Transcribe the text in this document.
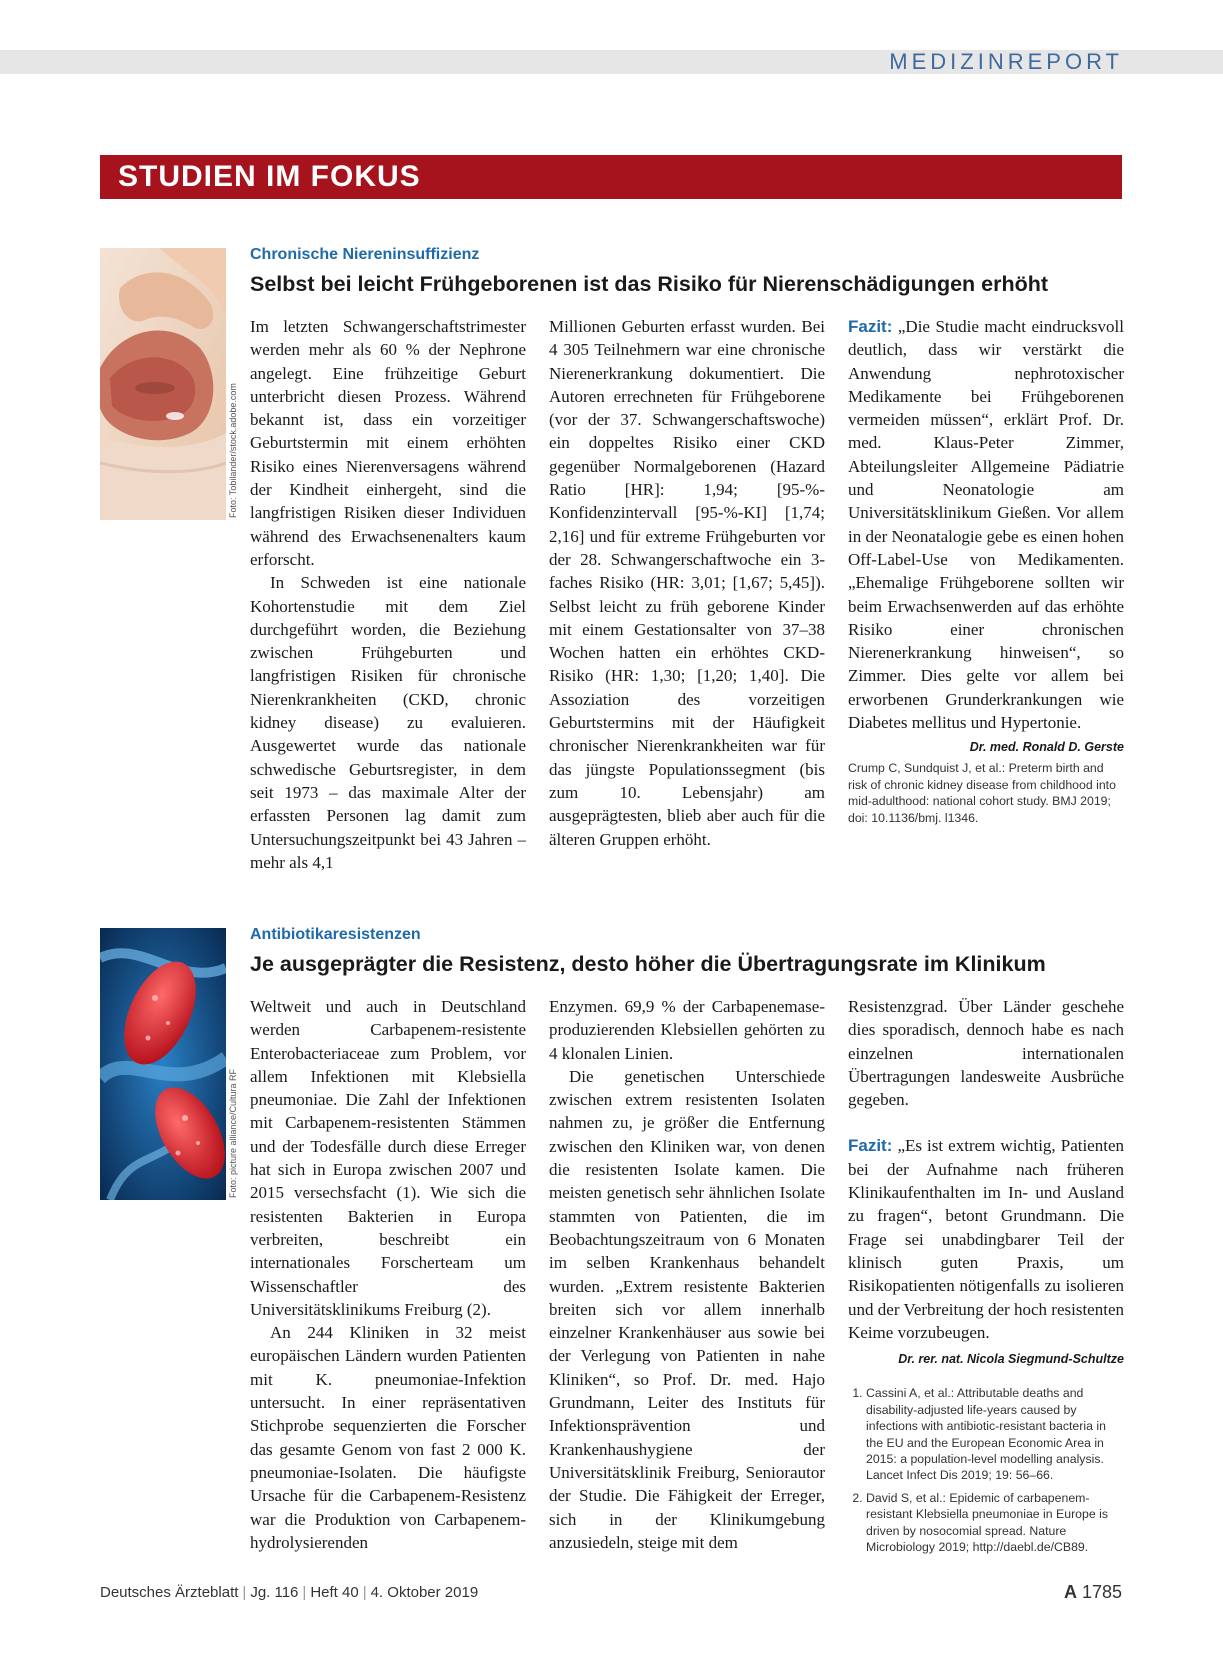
MEDIZINREPORT
STUDIEN IM FOKUS
Foto: Tobilander/stock.adobe.com
Chronische Niereninsuffizienz
Selbst bei leicht Frühgeborenen ist das Risiko für Nierenschädigungen erhöht

Im letzten Schwangerschaftstrimester werden mehr als 60 % der Nephrone angelegt. Eine frühzeitige Geburt unterbricht diesen Prozess. Während bekannt ist, dass ein vorzeitiger Geburtstermin mit einem erhöhten Risiko eines Nierenversagens während der Kindheit einhergeht, sind die langfristigen Risiken dieser Individuen während des Erwachsenenalters kaum erforscht.

In Schweden ist eine nationale Kohortenstudie mit dem Ziel durchgeführt worden, die Beziehung zwischen Frühgeburten und langfristigen Risiken für chronische Nierenkrankheiten (CKD, chronic kidney disease) zu evaluieren. Ausgewertet wurde das nationale schwedische Geburtsregister, in dem seit 1973 – das maximale Alter der erfassten Personen lag damit zum Untersuchungszeitpunkt bei 43 Jahren – mehr als 4,1

Millionen Geburten erfasst wurden. Bei 4 305 Teilnehmern war eine chronische Nierenerkrankung dokumentiert. Die Autoren errechneten für Frühgeborene (vor der 37. Schwangerschaftswoche) ein doppeltes Risiko einer CKD gegenüber Normalgeborenen (Hazard Ratio [HR]: 1,94; [95-%-Konfidenzintervall [95-%-KI] [1,74; 2,16] und für extreme Frühgeburten vor der 28. Schwangerschaftwoche ein 3-faches Risiko (HR: 3,01; [1,67; 5,45]). Selbst leicht zu früh geborene Kinder mit einem Gestationsalter von 37–38 Wochen hatten ein erhöhtes CKD-Risiko (HR: 1,30; [1,20; 1,40]. Die Assoziation des vorzeitigen Geburtstermins mit der Häufigkeit chronischer Nierenkrankheiten war für das jüngste Populationssegment (bis zum 10. Lebensjahr) am ausgeprägtesten, blieb aber auch für die älteren Gruppen erhöht.

Fazit: „Die Studie macht eindrucksvoll deutlich, dass wir verstärkt die Anwendung nephrotoxischer Medikamente bei Frühgeborenen vermeiden müssen“, erklärt Prof. Dr. med. Klaus-Peter Zimmer, Abteilungsleiter Allgemeine Pädiatrie und Neonatologie am Universitätsklinikum Gießen. Vor allem in der Neonatalogie gebe es einen hohen Off-Label-Use von Medikamenten. „Ehemalige Frühgeborene sollten wir beim Erwachsenwerden auf das erhöhte Risiko einer chronischen Nierenerkrankung hinweisen“, so Zimmer. Dies gelte vor allem bei erworbenen Grunderkrankungen wie Diabetes mellitus und Hypertonie.
Dr. med. Ronald D. Gerste

Crump C, Sundquist J, et al.: Preterm birth and risk of chronic kidney disease from childhood into mid-adulthood: national cohort study. BMJ 2019; doi: 10.1136/bmj. l1346.
Foto: picture alliance/Cultura RF
Antibiotikaresistenzen
Je ausgeprägter die Resistenz, desto höher die Übertragungsrate im Klinikum

Weltweit und auch in Deutschland werden Carbapenem-resistente Enterobacteriaceae zum Problem, vor allem Infektionen mit Klebsiella pneumoniae. Die Zahl der Infektionen mit Carbapenem-resistenten Stämmen und der Todesfälle durch diese Erreger hat sich in Europa zwischen 2007 und 2015 versechsfacht (1). Wie sich die resistenten Bakterien in Europa verbreiten, beschreibt ein internationales Forscherteam um Wissenschaftler des Universitätsklinikums Freiburg (2).

An 244 Kliniken in 32 meist europäischen Ländern wurden Patienten mit K. pneumoniae-Infektion untersucht. In einer repräsentativen Stichprobe sequenzierten die Forscher das gesamte Genom von fast 2 000 K. pneumoniae-Isolaten. Die häufigste Ursache für die Carbapenem-Resistenz war die Produktion von Carbapenem-hydrolysierenden

Enzymen. 69,9 % der Carbapenemase-produzierenden Klebsiellen gehörten zu 4 klonalen Linien.

Die genetischen Unterschiede zwischen extrem resistenten Isolaten nahmen zu, je größer die Entfernung zwischen den Kliniken war, von denen die resistenten Isolate kamen. Die meisten genetisch sehr ähnlichen Isolate stammten von Patienten, die im Beobachtungszeitraum von 6 Monaten im selben Krankenhaus behandelt wurden. „Extrem resistente Bakterien breiten sich vor allem innerhalb einzelner Krankenhäuser aus sowie bei der Verlegung von Patienten in nahe Kliniken“, so Prof. Dr. med. Hajo Grundmann, Leiter des Instituts für Infektionsprävention und Krankenhaushygiene der Universitätsklinik Freiburg, Seniorautor der Studie. Die Fähigkeit der Erreger, sich in der Klinikumgebung anzusiedeln, steige mit dem

Resistenzgrad. Über Länder geschehe dies sporadisch, dennoch habe es nach einzelnen internationalen Übertragungen landesweite Ausbrüche gegeben.

Fazit: „Es ist extrem wichtig, Patienten bei der Aufnahme nach früheren Klinikaufenthalten im In- und Ausland zu fragen“, betont Grundmann. Die Frage sei unabdingbarer Teil der klinisch guten Praxis, um Risikopatienten nötigenfalls zu isolieren und der Verbreitung der hoch resistenten Keime vorzubeugen.

Dr. rer. nat. Nicola Siegmund-Schultze
1. Cassini A, et al.: Attributable deaths and disability-adjusted life-years caused by infections with antibiotic-resistant bacteria in the EU and the European Economic Area in 2015: a population-level modelling analysis. Lancet Infect Dis 2019; 19: 56–66.
2. David S, et al.: Epidemic of carbapenem-resistant Klebsiella pneumoniae in Europe is driven by nosocomial spread. Nature Microbiology 2019; http://daebl.de/CB89.
Deutsches Ärzteblatt | Jg. 116 | Heft 40 | 4. Oktober 2019	A 1785
